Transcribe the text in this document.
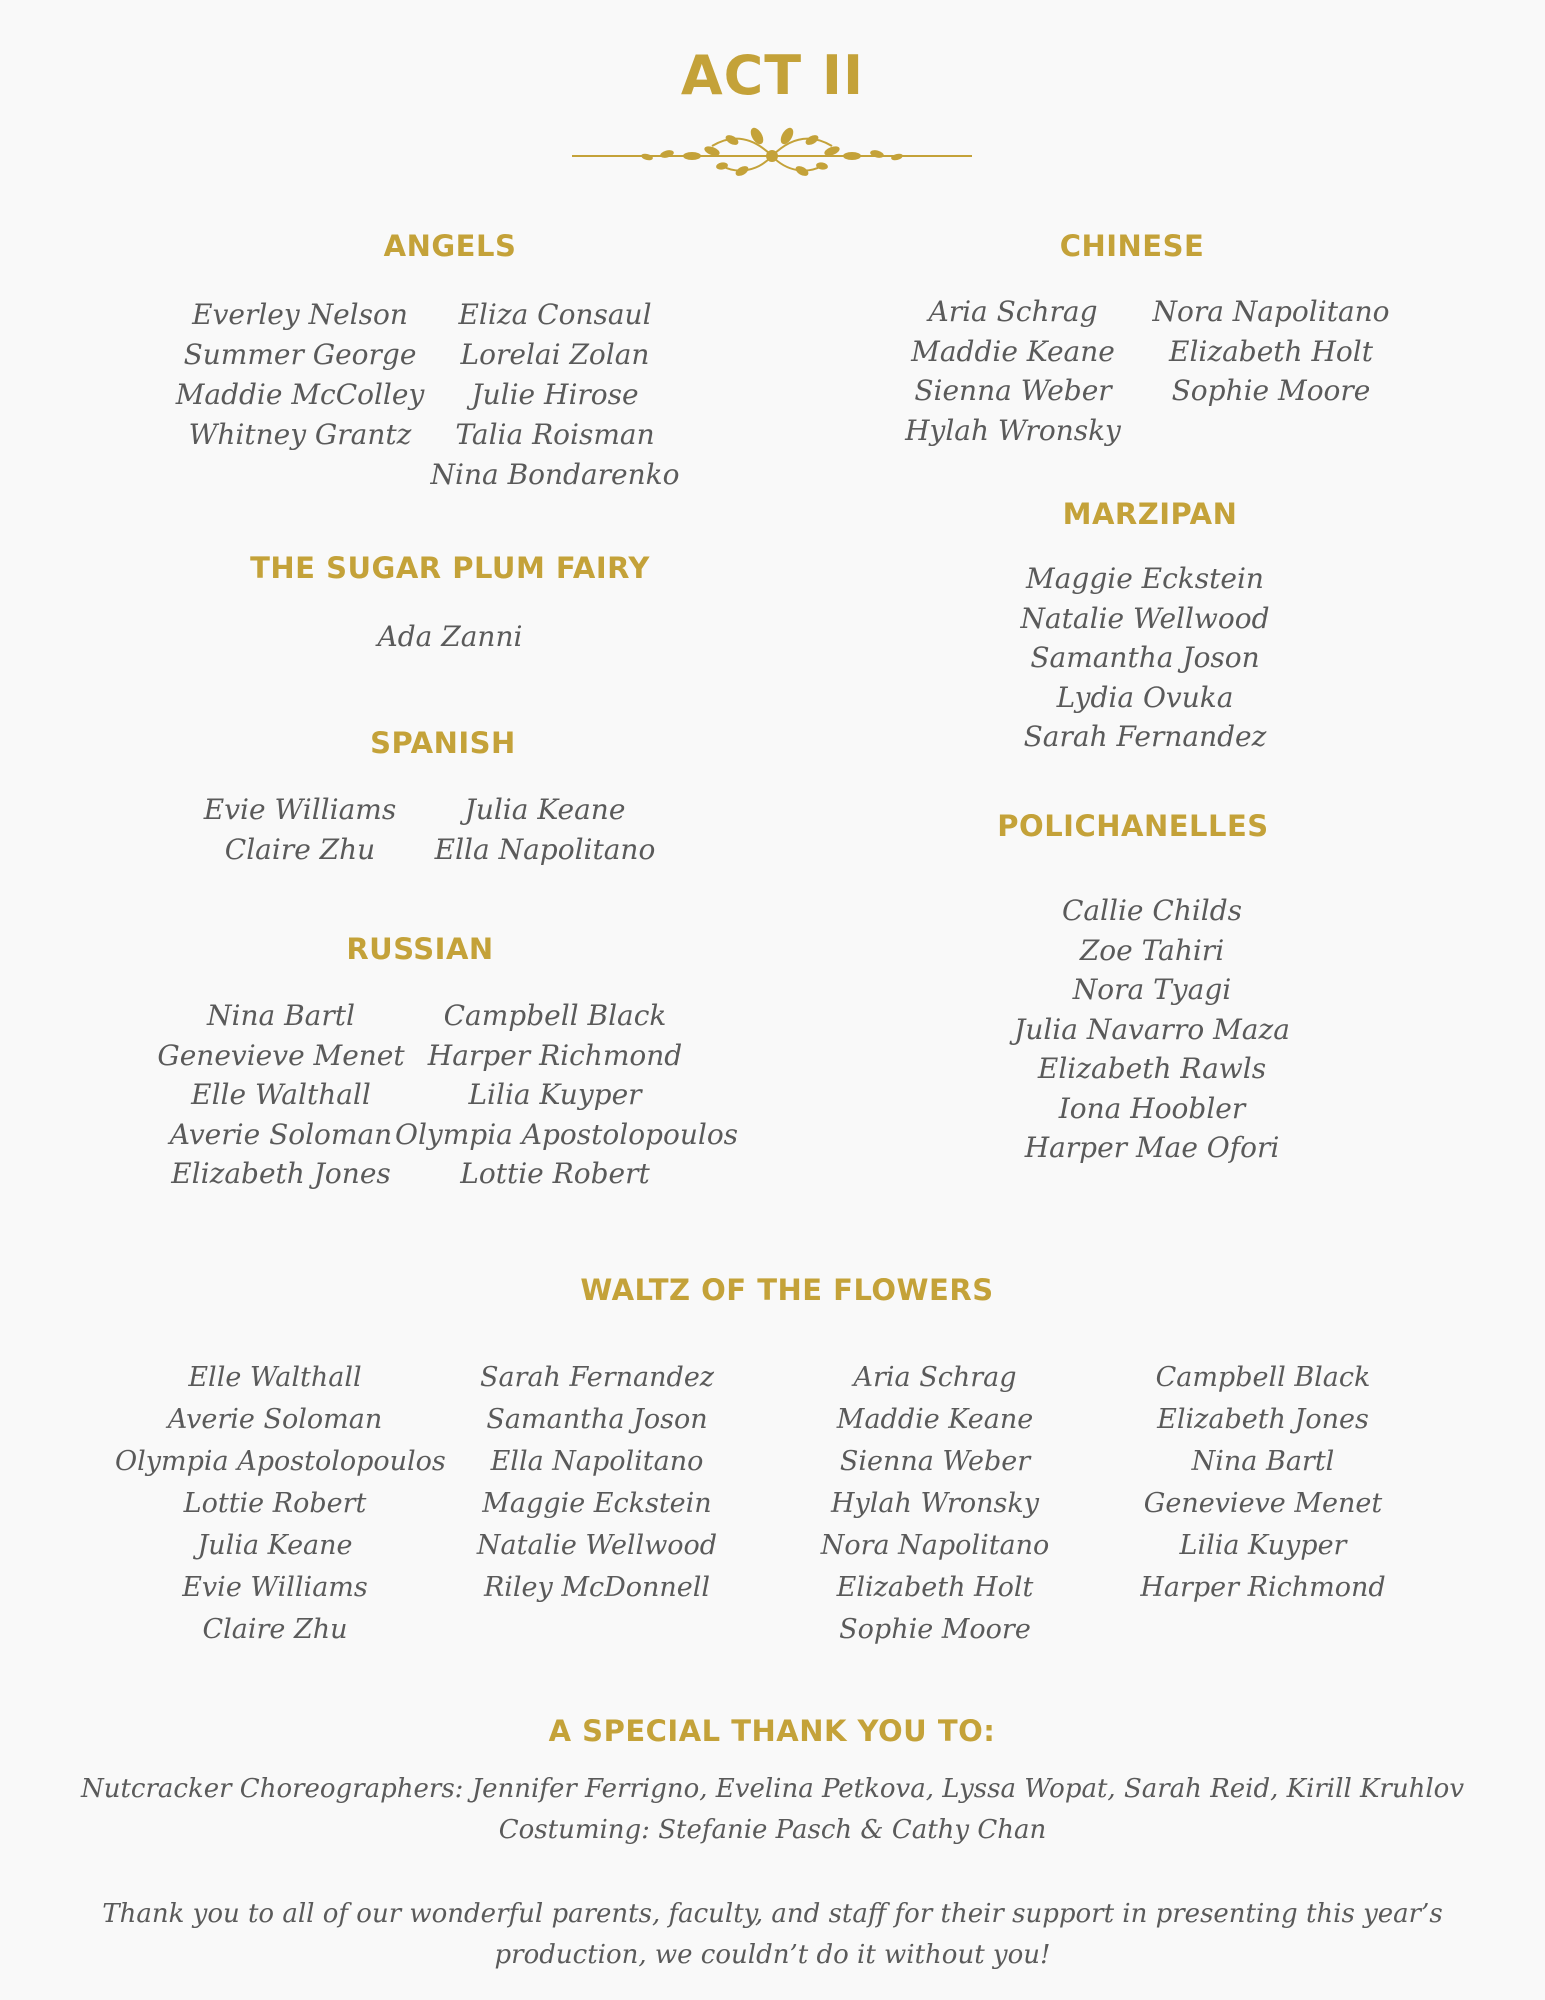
ACT II
ANGELS
Everley Nelson
Summer George
Maddie McColley
Whitney Grantz
Eliza Consaul
Lorelai Zolan
Julie Hirose
Talia Roisman
Nina Bondarenko
THE SUGAR PLUM FAIRY
Ada Zanni
SPANISH
Evie Williams
Claire Zhu
Julia Keane
Ella Napolitano
RUSSIAN
Nina Bartl
Genevieve Menet
Elle Walthall
Averie Soloman
Elizabeth Jones
Campbell Black
Harper Richmond
Lilia Kuyper
Olympia Apostolopoulos
Lottie Robert
CHINESE
Aria Schrag
Maddie Keane
Sienna Weber
Hylah Wronsky
Nora Napolitano
Elizabeth Holt
Sophie Moore
MARZIPAN
Maggie Eckstein
Natalie Wellwood
Samantha Joson
Lydia Ovuka
Sarah Fernandez
POLICHANELLES
Callie Childs
Zoe Tahiri
Nora Tyagi
Julia Navarro Maza
Elizabeth Rawls
Iona Hoobler
Harper Mae Ofori
WALTZ OF THE FLOWERS
Elle Walthall
Averie Soloman
Olympia Apostolopoulos
Lottie Robert
Julia Keane
Evie Williams
Claire Zhu
Sarah Fernandez
Samantha Joson
Ella Napolitano
Maggie Eckstein
Natalie Wellwood
Riley McDonnell
Aria Schrag
Maddie Keane
Sienna Weber
Hylah Wronsky
Nora Napolitano
Elizabeth Holt
Sophie Moore
Campbell Black
Elizabeth Jones
Nina Bartl
Genevieve Menet
Lilia Kuyper
Harper Richmond
A SPECIAL THANK YOU TO:
Nutcracker Choreographers: Jennifer Ferrigno, Evelina Petkova, Lyssa Wopat, Sarah Reid, Kirill Kruhlov
Costuming: Stefanie Pasch & Cathy Chan
Thank you to all of our wonderful parents, faculty, and staff for their support in presenting this year’s production, we couldn’t do it without you!
